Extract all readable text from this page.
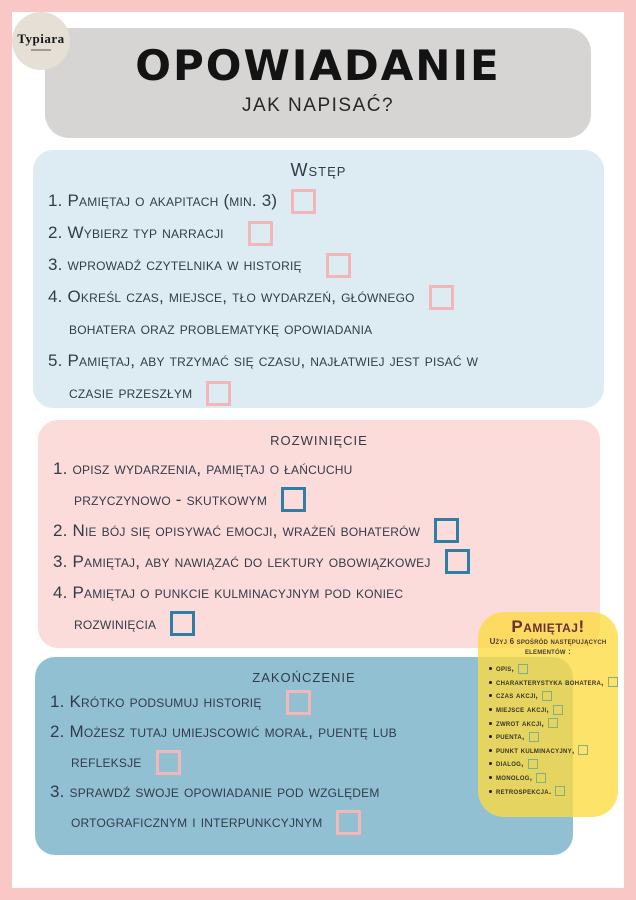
Typiara
OPOWIADANIE
JAK NAPISAĆ?
Wstęp
1. Pamiętaj o akapitach (min. 3)
2. Wybierz typ narracji
3. wprowadź czytelnika w historię
4. Określ czas, miejsce, tło wydarzeń, głównego
bohatera oraz problematykę opowiadania
5. Pamiętaj, aby trzymać się czasu, najłatwiej jest pisać w
czasie przeszłym
rozwinięcie
1. opisz wydarzenia, pamiętaj o łańcuchu
przyczynowo - skutkowym
2. Nie bój się opisywać emocji, wrażeń bohaterów
3. Pamiętaj, aby nawiązać do lektury obowiązkowej
4. Pamiętaj o punkcie kulminacyjnym pod koniec
rozwinięcia
zakończenie
1. Krótko podsumuj historię
2. Możesz tutaj umiejscowić morał, puentę lub
refleksje
3. sprawdź swoje opowiadanie pod względem
ortograficznym i interpunkcyjnym
Pamiętaj!
Użyj 6 spośród następujących
elementów :
opis,
charakterystyka bohatera,
czas akcji,
miejsce akcji,
zwrot akcji,
puenta,
punkt kulminacyjny,
dialog,
monolog,
retrospekcja.
